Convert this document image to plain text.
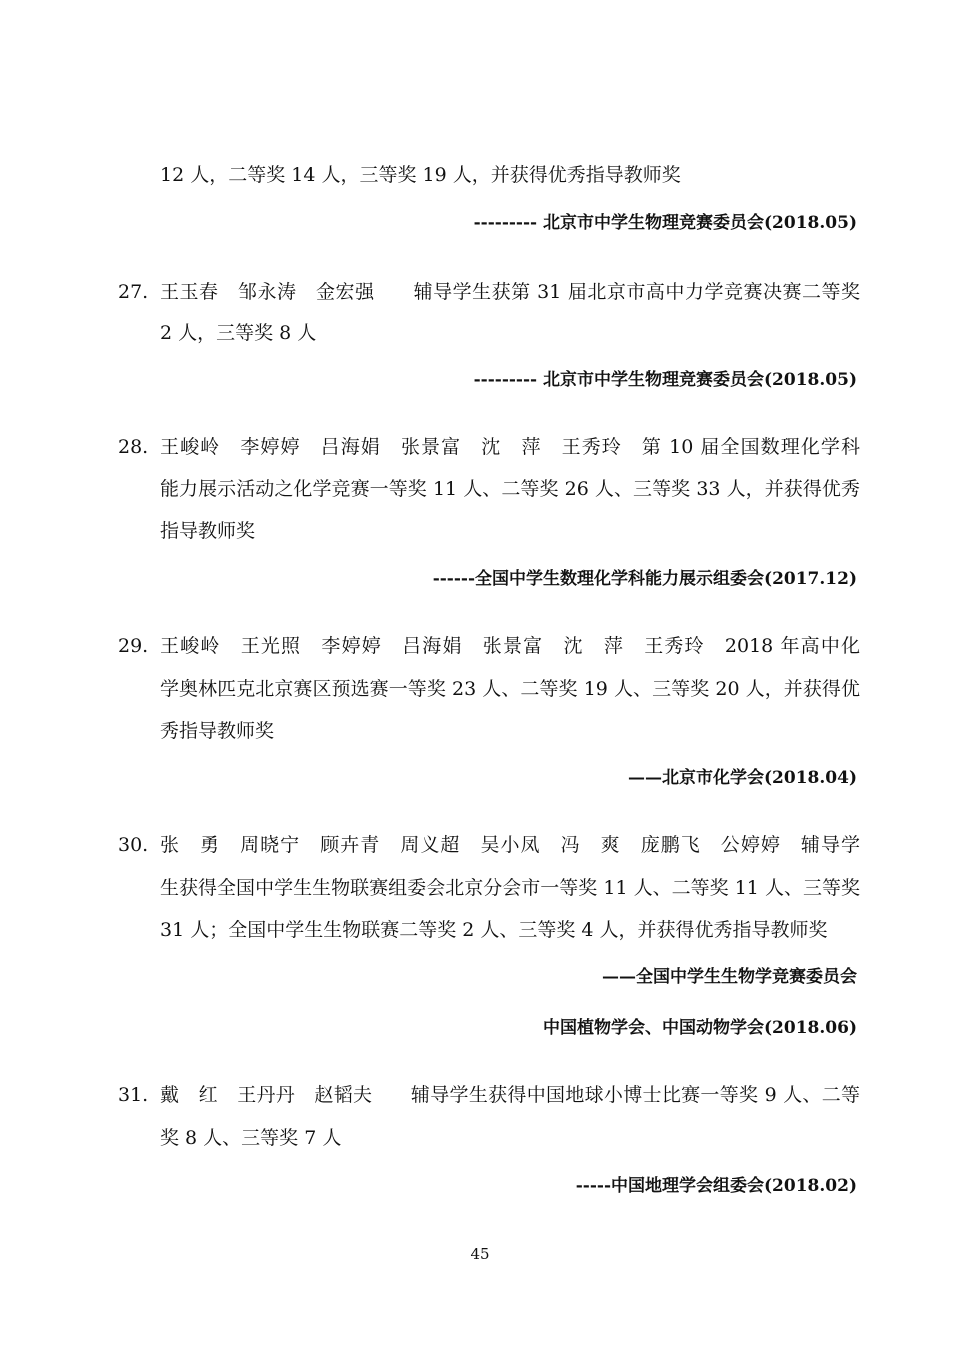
12 人，二等奖 14 人，三等奖 19 人，并获得优秀指导教师奖
--------- 北京市中学生物理竞赛委员会(2018.05)
27. 王玉春　邹永涛　金宏强　　辅导学生获第 31 届北京市高中力学竞赛决赛二等奖
2 人，三等奖 8 人
--------- 北京市中学生物理竞赛委员会(2018.05)
28. 王峻岭　李婷婷　吕海娟　张景富　沈　萍　王秀玲　第 10 届全国数理化学科
能力展示活动之化学竞赛一等奖 11 人、二等奖 26 人、三等奖 33 人，并获得优秀
指导教师奖
------全国中学生数理化学科能力展示组委会(2017.12)
29. 王峻岭　王光照　李婷婷　吕海娟　张景富　沈　萍　王秀玲　2018 年高中化
学奥林匹克北京赛区预选赛一等奖 23 人、二等奖 19 人、三等奖 20 人，并获得优
秀指导教师奖
——北京市化学会(2018.04)
30. 张　勇　周晓宁　顾卉青　周义超　吴小凤　冯　爽　庞鹏飞　公婷婷　辅导学
生获得全国中学生生物联赛组委会北京分会市一等奖 11 人、二等奖 11 人、三等奖
31 人；全国中学生生物联赛二等奖 2 人、三等奖 4 人，并获得优秀指导教师奖
——全国中学生生物学竞赛委员会
中国植物学会、中国动物学会(2018.06)
31. 戴　红　王丹丹　赵韬夫　　辅导学生获得中国地球小博士比赛一等奖 9 人、二等
奖 8 人、三等奖 7 人
-----中国地理学会组委会(2018.02)
45
